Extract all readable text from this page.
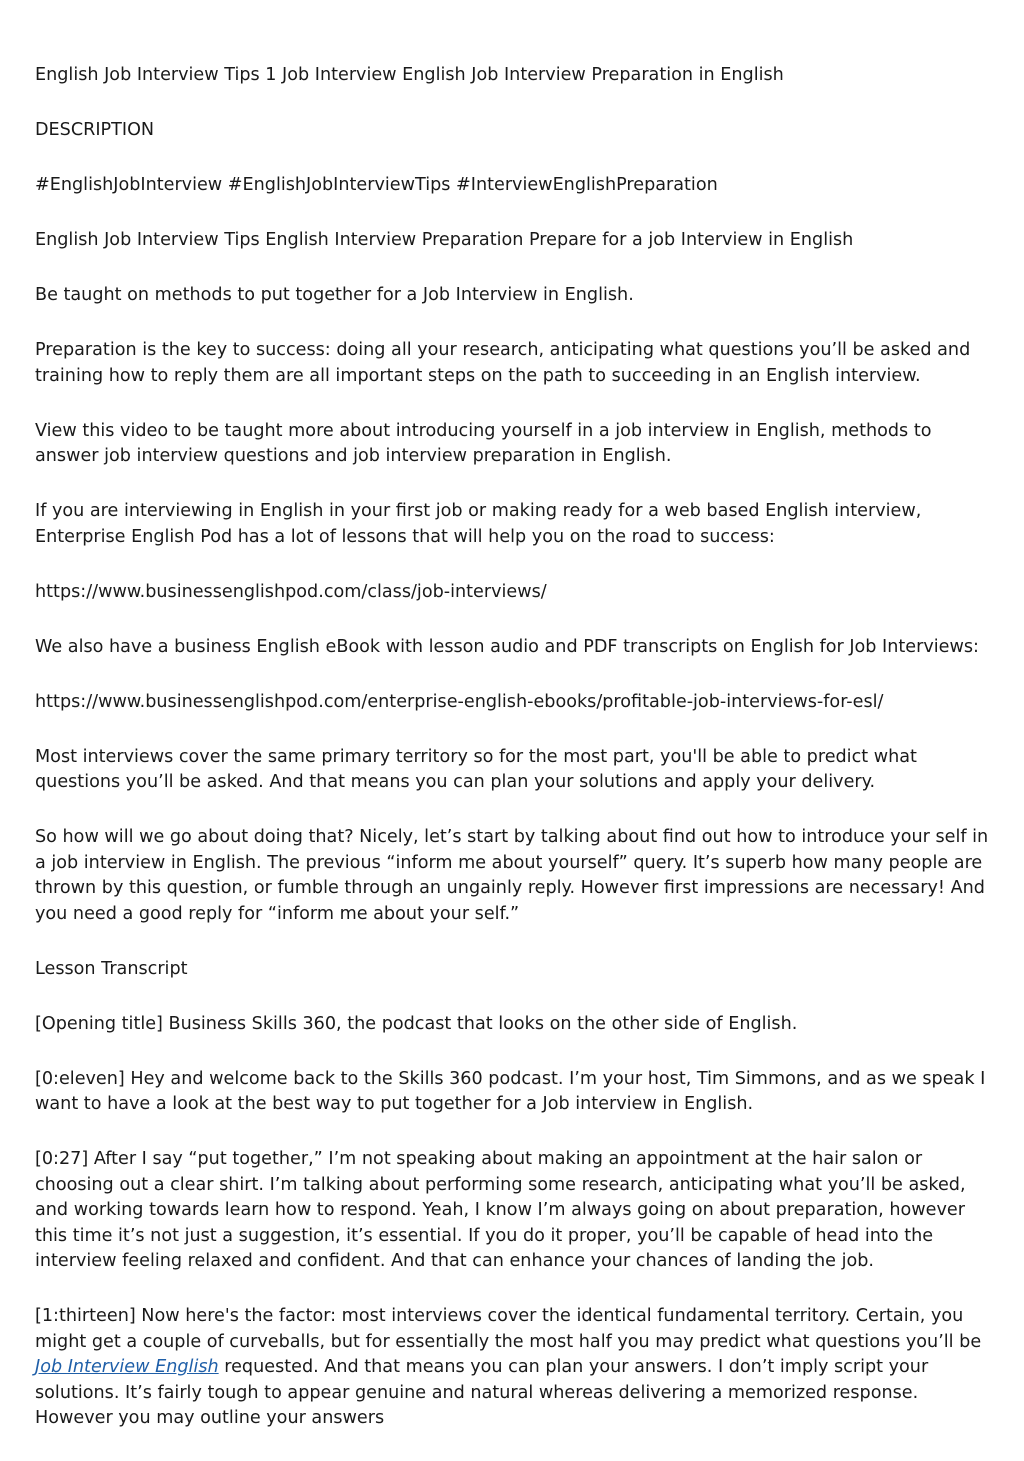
English Job Interview Tips 1 Job Interview English Job Interview Preparation in English

DESCRIPTION

#EnglishJobInterview #EnglishJobInterviewTips #InterviewEnglishPreparation

English Job Interview Tips English Interview Preparation Prepare for a job Interview in English

Be taught on methods to put together for a Job Interview in English.

Preparation is the key to success: doing all your research, anticipating what questions you’ll be asked and training how to reply them are all important steps on the path to succeeding in an English interview.

View this video to be taught more about introducing yourself in a job interview in English, methods to answer job interview questions and job interview preparation in English.

If you are interviewing in English in your first job or making ready for a web based English interview, Enterprise English Pod has a lot of lessons that will help you on the road to success:

https://www.businessenglishpod.com/class/job-interviews/

We also have a business English eBook with lesson audio and PDF transcripts on English for Job Interviews:

https://www.businessenglishpod.com/enterprise-english-ebooks/profitable-job-interviews-for-esl/

Most interviews cover the same primary territory so for the most part, you'll be able to predict what questions you’ll be asked. And that means you can plan your solutions and apply your delivery.

So how will we go about doing that? Nicely, let’s start by talking about find out how to introduce your self in a job interview in English. The previous “inform me about yourself” query. It’s superb how many people are thrown by this question, or fumble through an ungainly reply. However first impressions are necessary! And you need a good reply for “inform me about your self.”

Lesson Transcript

[Opening title] Business Skills 360, the podcast that looks on the other side of English.

[0:eleven] Hey and welcome back to the Skills 360 podcast. I’m your host, Tim Simmons, and as we speak I want to have a look at the best way to put together for a Job interview in English.

[0:27] After I say “put together,” I’m not speaking about making an appointment at the hair salon or choosing out a clear shirt. I’m talking about performing some research, anticipating what you’ll be asked, and working towards learn how to respond. Yeah, I know I’m always going on about preparation, however this time it’s not just a suggestion, it’s essential. If you do it proper, you’ll be capable of head into the interview feeling relaxed and confident. And that can enhance your chances of landing the job.

[1:thirteen] Now here's the factor: most interviews cover the identical fundamental territory. Certain, you might get a couple of curveballs, but for essentially the most half you may predict what questions you’ll be Job Interview English requested. And that means you can plan your answers. I don’t imply script your solutions. It’s fairly tough to appear genuine and natural whereas delivering a memorized response. However you may outline your answers
